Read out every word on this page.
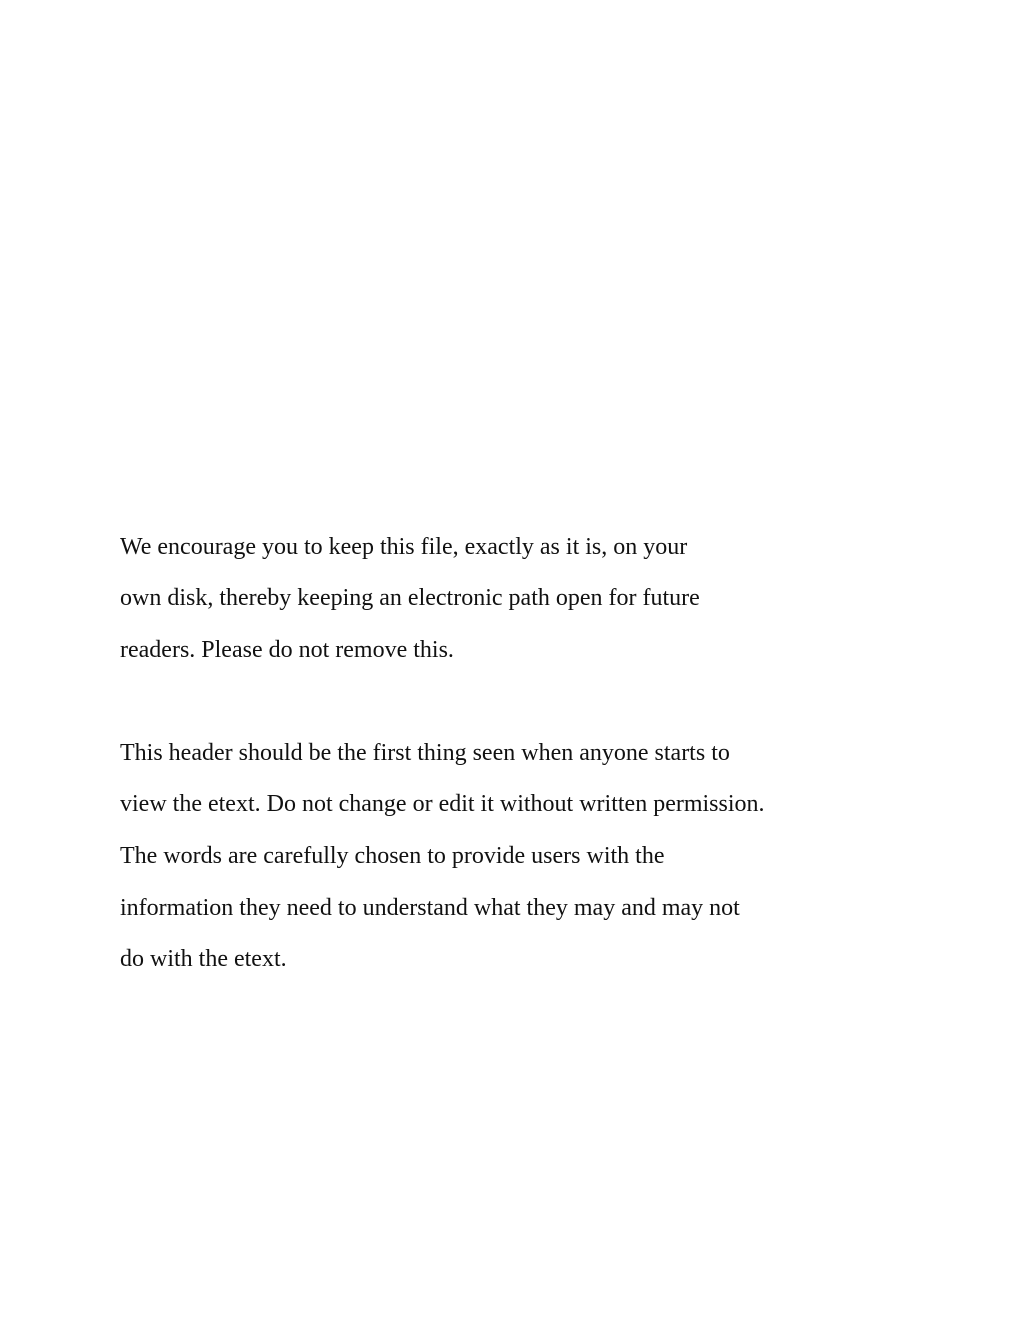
We encourage you to keep this file, exactly as it is, on your

own disk, thereby keeping an electronic path open for future

readers. Please do not remove this.

This header should be the first thing seen when anyone starts to

view the etext. Do not change or edit it without written permission.

The words are carefully chosen to provide users with the

information they need to understand what they may and may not

do with the etext.
